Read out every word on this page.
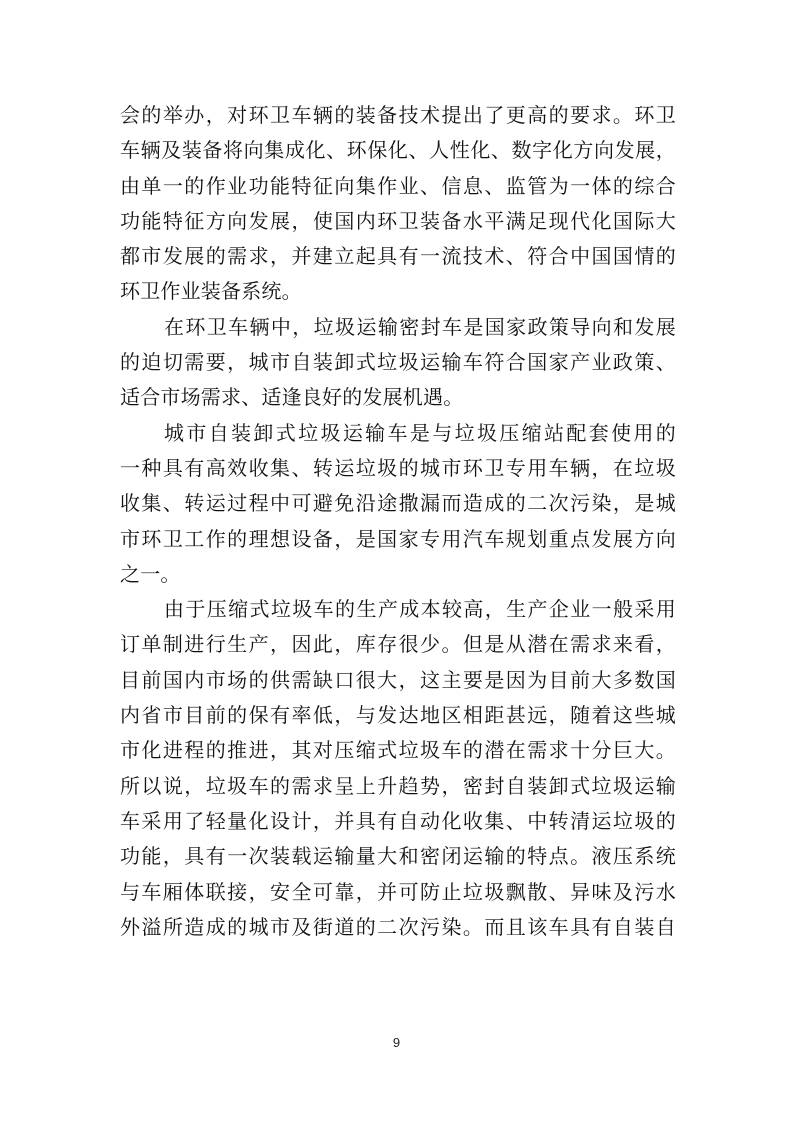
会的举办，对环卫车辆的装备技术提出了更高的要求。环卫
车辆及装备将向集成化、环保化、人性化、数字化方向发展，
由单一的作业功能特征向集作业、信息、监管为一体的综合
功能特征方向发展，使国内环卫装备水平满足现代化国际大
都市发展的需求，并建立起具有一流技术、符合中国国情的
环卫作业装备系统。
在环卫车辆中，垃圾运输密封车是国家政策导向和发展
的迫切需要，城市自装卸式垃圾运输车符合国家产业政策、
适合市场需求、适逢良好的发展机遇。
城市自装卸式垃圾运输车是与垃圾压缩站配套使用的
一种具有高效收集、转运垃圾的城市环卫专用车辆，在垃圾
收集、转运过程中可避免沿途撒漏而造成的二次污染，是城
市环卫工作的理想设备，是国家专用汽车规划重点发展方向
之一。
由于压缩式垃圾车的生产成本较高，生产企业一般采用
订单制进行生产，因此，库存很少。但是从潜在需求来看，
目前国内市场的供需缺口很大，这主要是因为目前大多数国
内省市目前的保有率低，与发达地区相距甚远，随着这些城
市化进程的推进，其对压缩式垃圾车的潜在需求十分巨大。
所以说，垃圾车的需求呈上升趋势，密封自装卸式垃圾运输
车采用了轻量化设计，并具有自动化收集、中转清运垃圾的
功能，具有一次装载运输量大和密闭运输的特点。液压系统
与车厢体联接，安全可靠，并可防止垃圾飘散、异味及污水
外溢所造成的城市及街道的二次污染。而且该车具有自装自
9
